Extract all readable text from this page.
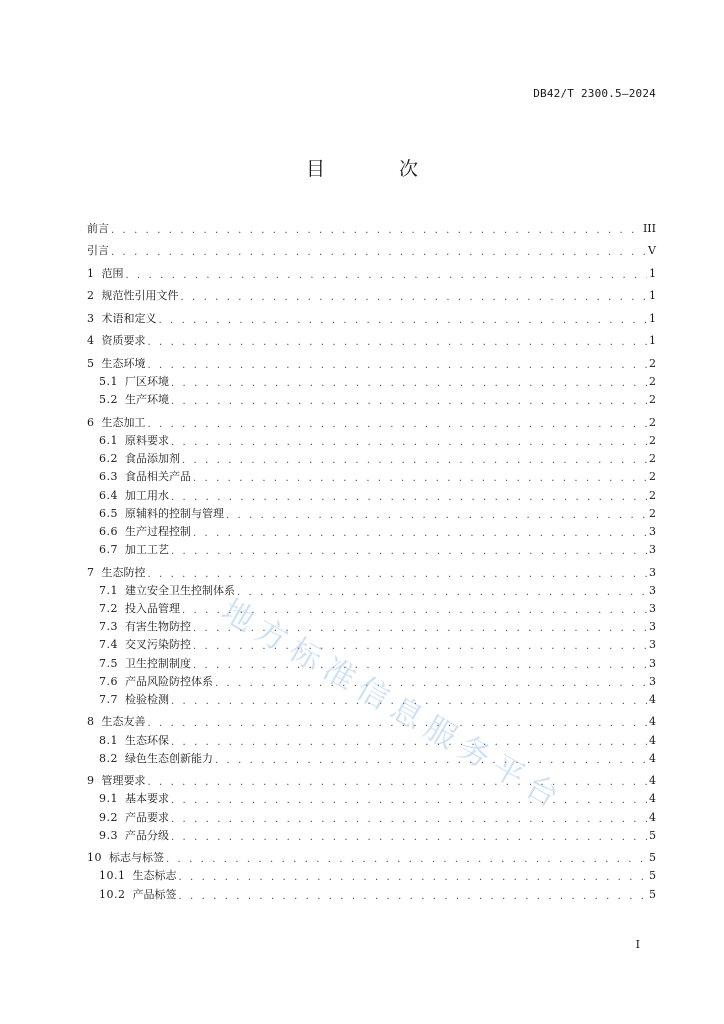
DB42/T 2300.5—2024
目 次
前言 . . .	III
引言 . . .	V
1 范围 . . .	1
2 规范性引用文件 . . .	1
3 术语和定义 . . .	1
4 资质要求 . . .	1
5 生态环境 . . .	2
5.1 厂区环境 . . .	2
5.2 生产环境 . . .	2
6 生态加工 . . .	2
6.1 原料要求 . . .	2
6.2 食品添加剂 . . .	2
6.3 食品相关产品 . . .	2
6.4 加工用水 . . .	2
6.5 原辅料的控制与管理 . . .	2
6.6 生产过程控制 . . .	3
6.7 加工工艺 . . .	3
7 生态防控 . . .	3
7.1 建立安全卫生控制体系 . . .	3
7.2 投入品管理 . . .	3
7.3 有害生物防控 . . .	3
7.4 交叉污染防控 . . .	3
7.5 卫生控制制度 . . .	3
7.6 产品风险防控体系 . . .	3
7.7 检验检测 . . .	4
8 生态友善 . . .	4
8.1 生态环保 . . .	4
8.2 绿色生态创新能力 . . .	4
9 管理要求 . . .	4
9.1 基本要求 . . .	4
9.2 产品要求 . . .	4
9.3 产品分级 . . .	5
10 标志与标签 . . .	5
10.1 生态标志 . . .	5
10.2 产品标签 . . .	5
I
地方标准信息服务平台
